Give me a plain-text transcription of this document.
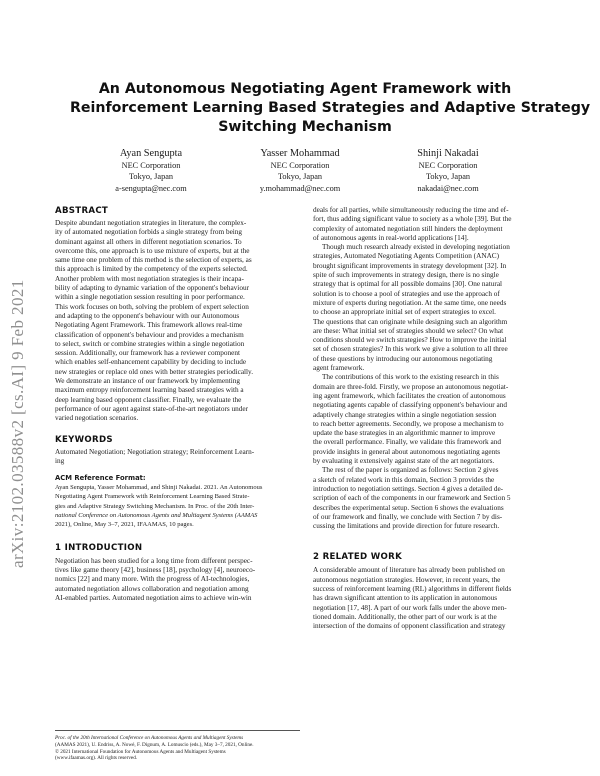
arXiv:2102.03588v2 [cs.AI] 9 Feb 2021
An Autonomous Negotiating Agent Framework with
Reinforcement Learning Based Strategies and Adaptive Strategy
Switching Mechanism
Ayan Sengupta
NEC Corporation
Tokyo, Japan
a-sengupta@nec.com
Yasser Mohammad
NEC Corporation
Tokyo, Japan
y.mohammad@nec.com
Shinji Nakadai
NEC Corporation
Tokyo, Japan
nakadai@nec.com
ABSTRACT
Despite abundant negotiation strategies in literature, the complex-
ity of automated negotiation forbids a single strategy from being
dominant against all others in different negotiation scenarios. To
overcome this, one approach is to use mixture of experts, but at the
same time one problem of this method is the selection of experts, as
this approach is limited by the competency of the experts selected.
Another problem with most negotiation strategies is their incapa-
bility of adapting to dynamic variation of the opponent's behaviour
within a single negotiation session resulting in poor performance.
This work focuses on both, solving the problem of expert selection
and adapting to the opponent's behaviour with our Autonomous
Negotiating Agent Framework. This framework allows real-time
classification of opponent's behaviour and provides a mechanism
to select, switch or combine strategies within a single negotiation
session. Additionally, our framework has a reviewer component
which enables self-enhancement capability by deciding to include
new strategies or replace old ones with better strategies periodically.
We demonstrate an instance of our framework by implementing
maximum entropy reinforcement learning based strategies with a
deep learning based opponent classifier. Finally, we evaluate the
performance of our agent against state-of-the-art negotiators under
varied negotiation scenarios.
KEYWORDS
Automated Negotiation; Negotiation strategy; Reinforcement Learn-
ing
ACM Reference Format:
Ayan Sengupta, Yasser Mohammad, and Shinji Nakadai. 2021. An Autonomous
Negotiating Agent Framework with Reinforcement Learning Based Strate-
gies and Adaptive Strategy Switching Mechanism. In Proc. of the 20th Inter-
national Conference on Autonomous Agents and Multiagent Systems (AAMAS
2021), Online, May 3–7, 2021, IFAAMAS, 10 pages.
1 INTRODUCTION
Negotiation has been studied for a long time from different perspec-
tives like game theory [42], business [18], psychology [4], neuroeco-
nomics [22] and many more. With the progress of AI-technologies,
automated negotiation allows collaboration and negotiation among
AI-enabled parties. Automated negotiation aims to achieve win-win
Proc. of the 20th International Conference on Autonomous Agents and Multiagent Systems
(AAMAS 2021), U. Endriss, A. Nowé, F. Dignum, A. Lomuscio (eds.), May 3–7, 2021, Online.
© 2021 International Foundation for Autonomous Agents and Multiagent Systems
(www.ifaamas.org). All rights reserved.
deals for all parties, while simultaneously reducing the time and ef-
fort, thus adding significant value to society as a whole [39]. But the
complexity of automated negotiation still hinders the deployment
of autonomous agents in real-world applications [14].
Though much research already existed in developing negotiation
strategies, Automated Negotiating Agents Competition (ANAC)
brought significant improvements in strategy development [32]. In
spite of such improvements in strategy design, there is no single
strategy that is optimal for all possible domains [30]. One natural
solution is to choose a pool of strategies and use the approach of
mixture of experts during negotiation. At the same time, one needs
to choose an appropriate initial set of expert strategies to excel.
The questions that can originate while designing such an algorithm
are these: What initial set of strategies should we select? On what
conditions should we switch strategies? How to improve the initial
set of chosen strategies? In this work we give a solution to all three
of these questions by introducing our autonomous negotiating
agent framework.
The contributions of this work to the existing research in this
domain are three-fold. Firstly, we propose an autonomous negotiat-
ing agent framework, which facilitates the creation of autonomous
negotiating agents capable of classifying opponent's behaviour and
adaptively change strategies within a single negotiation session
to reach better agreements. Secondly, we propose a mechanism to
update the base strategies in an algorithmic manner to improve
the overall performance. Finally, we validate this framework and
provide insights in general about autonomous negotiating agents
by evaluating it extensively against state of the art negotiators.
The rest of the paper is organized as follows: Section 2 gives
a sketch of related work in this domain, Section 3 provides the
introduction to negotiation settings. Section 4 gives a detailed de-
scription of each of the components in our framework and Section 5
describes the experimental setup. Section 6 shows the evaluations
of our framework and finally, we conclude with Section 7 by dis-
cussing the limitations and provide direction for future research.
2 RELATED WORK
A considerable amount of literature has already been published on
autonomous negotiation strategies. However, in recent years, the
success of reinforcement learning (RL) algorithms in different fields
has drawn significant attention to its application in autonomous
negotiation [17, 48]. A part of our work falls under the above men-
tioned domain. Additionally, the other part of our work is at the
intersection of the domains of opponent classification and strategy
